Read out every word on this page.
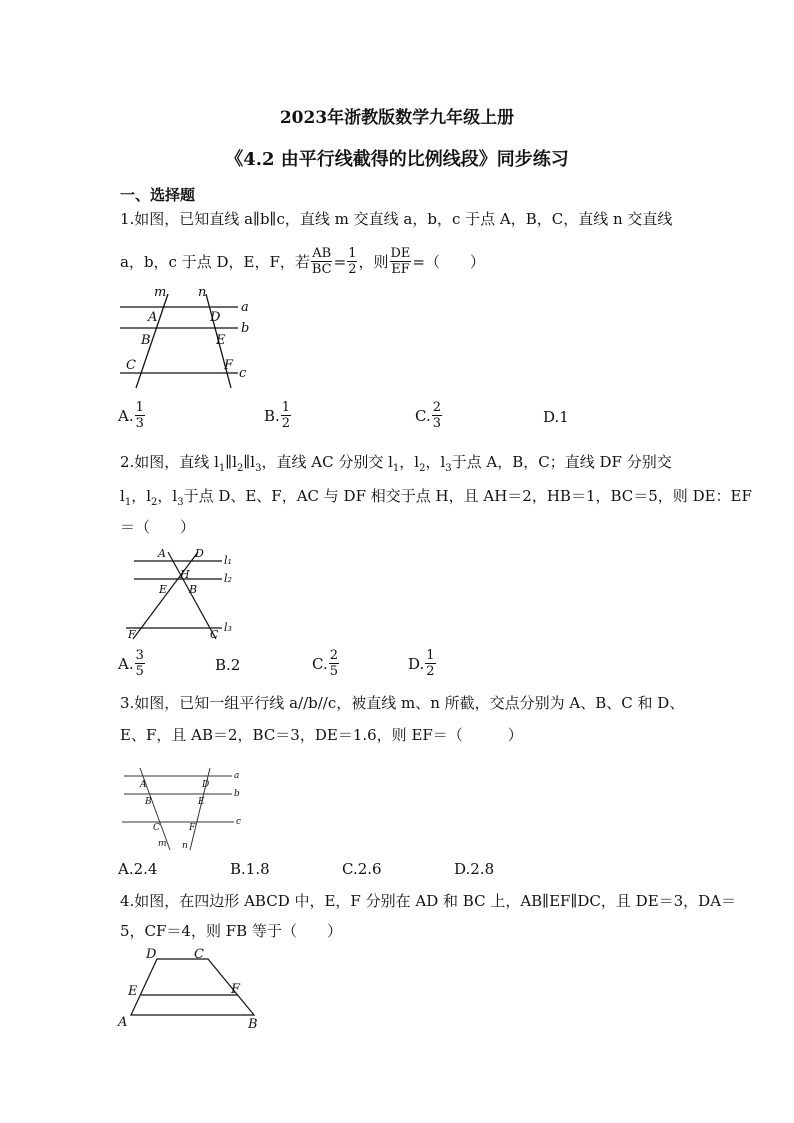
2023年浙教版数学九年级上册
《4.2 由平行线截得的比例线段》同步练习
一、选择题
1.如图，已知直线 a∥b∥c，直线 m 交直线 a，b，c 于点 A，B，C，直线 n 交直线
a，b，c 于点 D，E，F，若 $\frac{AB}{BC} = \frac{1}{2}$ ，则 $\frac{DE}{EF}$ =（　　）
m n
a
b
c
A	D
B	E
C	F
A. $\frac{1}{3}$	B. $\frac{1}{2}$	C. $\frac{2}{3}$	D. 1
2.如图，直线 $l_1\parallel l_2\parallel l_3$，直线 AC 分别交 $l_1$，$l_2$，$l_3$于点 A，B，C；直线 DF 分别交
$l_1$，$l_2$，$l_3$于点 D、E、F，AC 与 DF 相交于点 H，且 AH＝2，HB＝1，BC＝5，则 DE：EF
＝（　　）
A	D
H
E B
F	C
l₁
l₂
l₃
A. $\frac{3}{5}$	B. 2	C. $\frac{2}{5}$	D. $\frac{1}{2}$
3.如图，已知一组平行线 a//b//c，被直线 m、n 所截，交点分别为 A、B、C 和 D、
E、F，且 AB＝2，BC＝3，DE＝1.6，则 EF＝（　　　）
A
B
C
D
E
F
a
b
c
m n
A.2.4	B.1.8	C.2.6	D.2.8
4.如图，在四边形 ABCD 中，E，F 分别在 AD 和 BC 上，AB∥EF∥DC，且 DE＝3，DA＝
5，CF＝4，则 FB 等于（　　）
D	C
E	F
A	B
